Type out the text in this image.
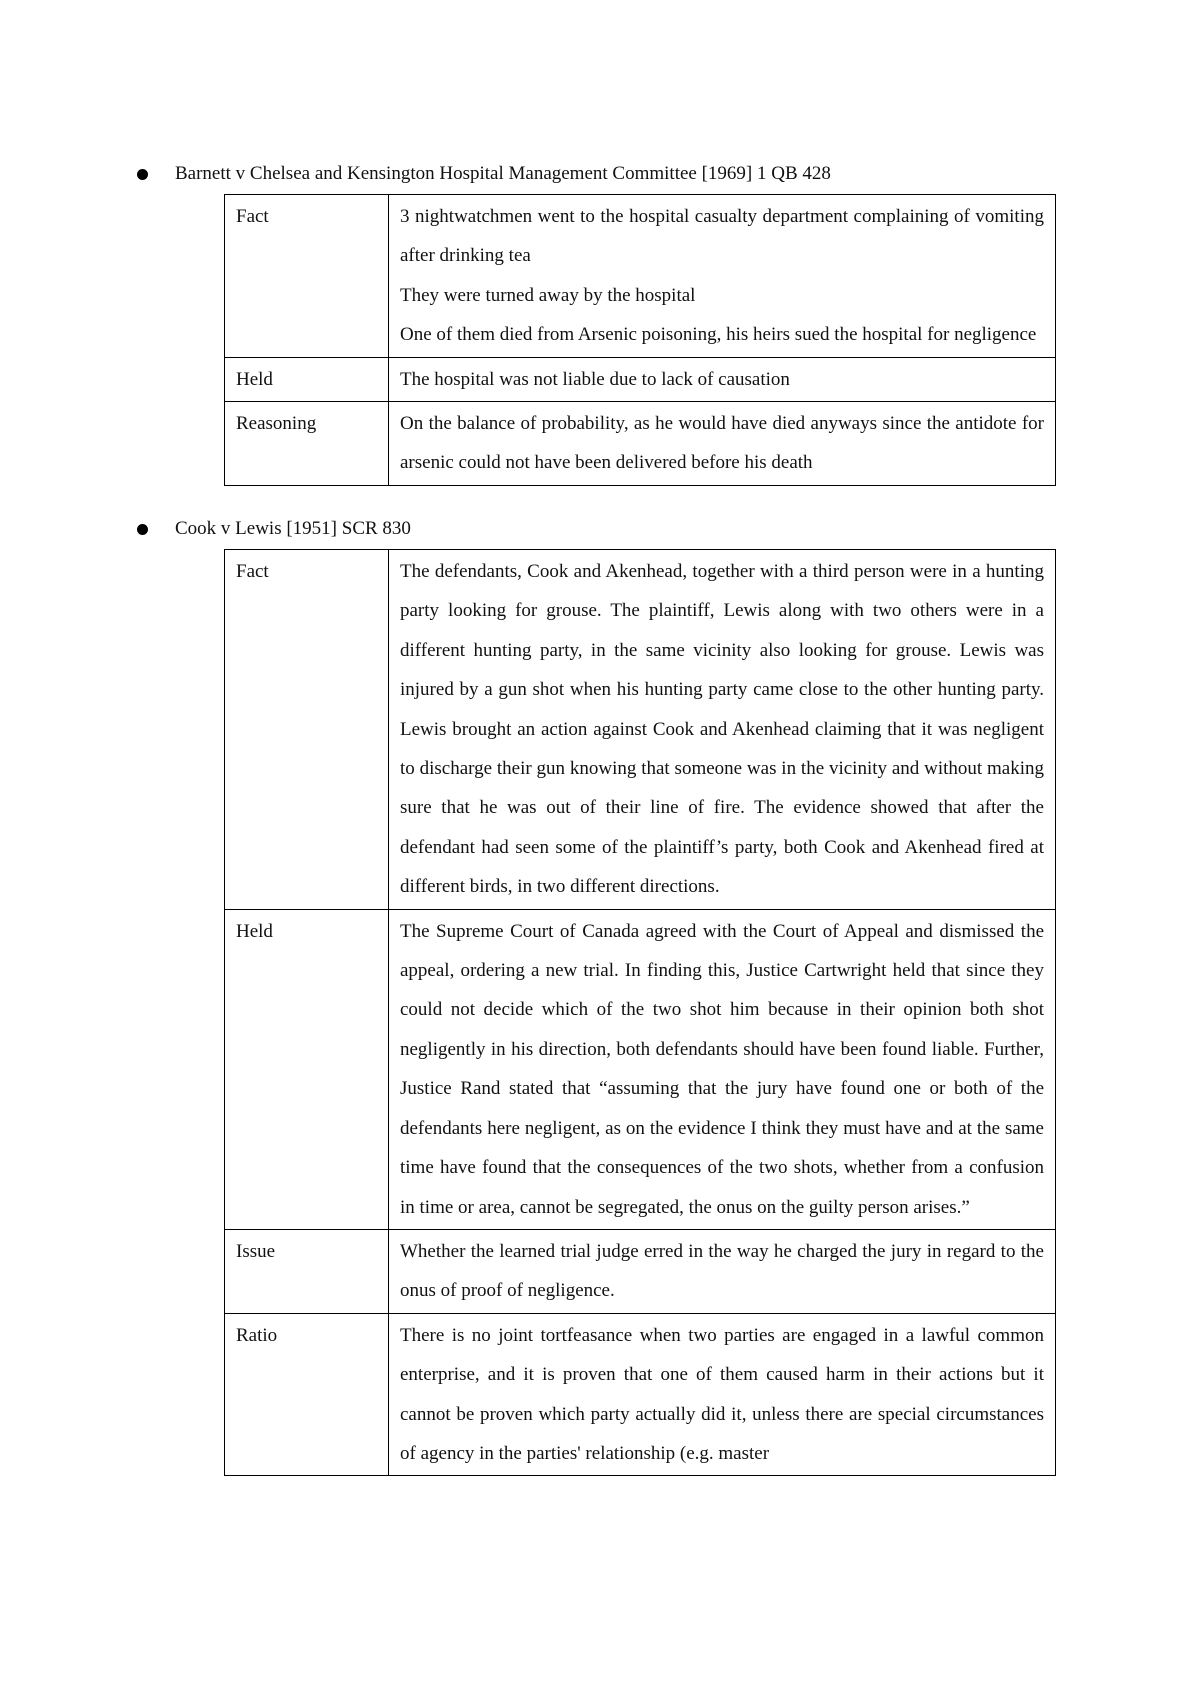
Barnett v Chelsea and Kensington Hospital Management Committee [1969] 1 QB 428
Fact	3 nightwatchmen went to the hospital casualty department complaining of vomiting after drinking tea
They were turned away by the hospital
One of them died from Arsenic poisoning, his heirs sued the hospital for negligence

Held	The hospital was not liable due to lack of causation

Reasoning	On the balance of probability, as he would have died anyways since the antidote for arsenic could not have been delivered before his death
Cook v Lewis [1951] SCR 830
Fact	The defendants, Cook and Akenhead, together with a third person were in a hunting party looking for grouse. The plaintiff, Lewis along with two others were in a different hunting party, in the same vicinity also looking for grouse. Lewis was injured by a gun shot when his hunting party came close to the other hunting party. Lewis brought an action against Cook and Akenhead claiming that it was negligent to discharge their gun knowing that someone was in the vicinity and without making sure that he was out of their line of fire. The evidence showed that after the defendant had seen some of the plaintiff’s party, both Cook and Akenhead fired at different birds, in two different directions.

Held	The Supreme Court of Canada agreed with the Court of Appeal and dismissed the appeal, ordering a new trial. In finding this, Justice Cartwright held that since they could not decide which of the two shot him because in their opinion both shot negligently in his direction, both defendants should have been found liable. Further, Justice Rand stated that “assuming that the jury have found one or both of the defendants here negligent, as on the evidence I think they must have and at the same time have found that the consequences of the two shots, whether from a confusion in time or area, cannot be segregated, the onus on the guilty person arises.”

Issue	Whether the learned trial judge erred in the way he charged the jury in regard to the onus of proof of negligence.

Ratio	There is no joint tortfeasance when two parties are engaged in a lawful common enterprise, and it is proven that one of them caused harm in their actions but it cannot be proven which party actually did it, unless there are special circumstances of agency in the parties' relationship (e.g. master
